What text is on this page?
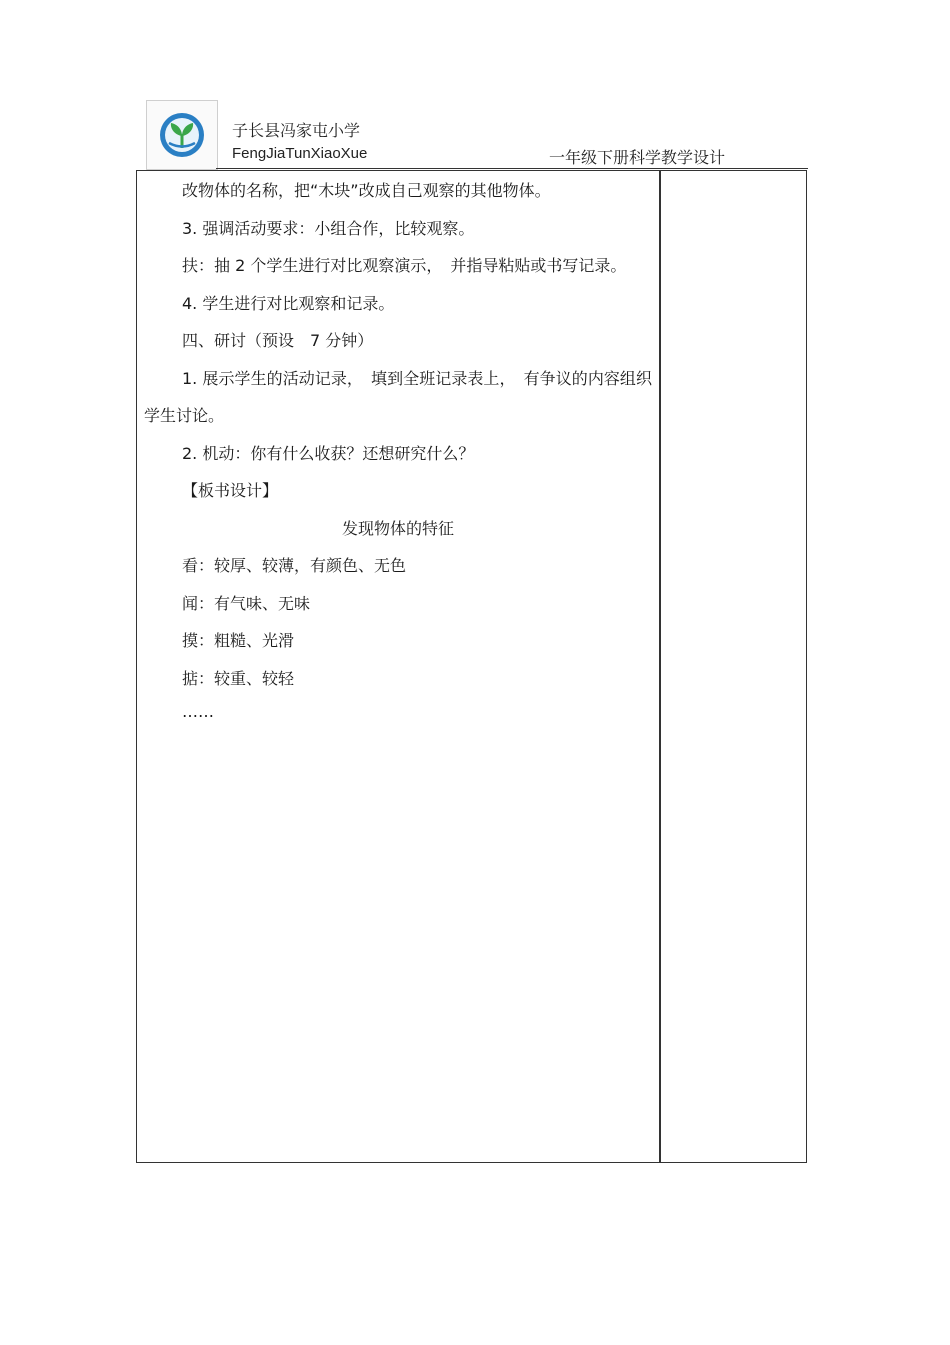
子长县冯家屯小学
FengJiaTunXiaoXue	一年级下册科学教学设计

改物体的名称，把“木块”改成自己观察的其他物体。

3. 强调活动要求：小组合作，比较观察。

扶：抽 2 个学生进行对比观察演示，　并指导粘贴或书写记录。

4. 学生进行对比观察和记录。

四、研讨（预设　7 分钟）

1. 展示学生的活动记录，　填到全班记录表上，　有争议的内容组织学生讨论。

2. 机动：你有什么收获？还想研究什么？

【板书设计】

发现物体的特征

看：较厚、较薄，有颜色、无色

闻：有气味、无味

摸：粗糙、光滑

掂：较重、较轻

……
